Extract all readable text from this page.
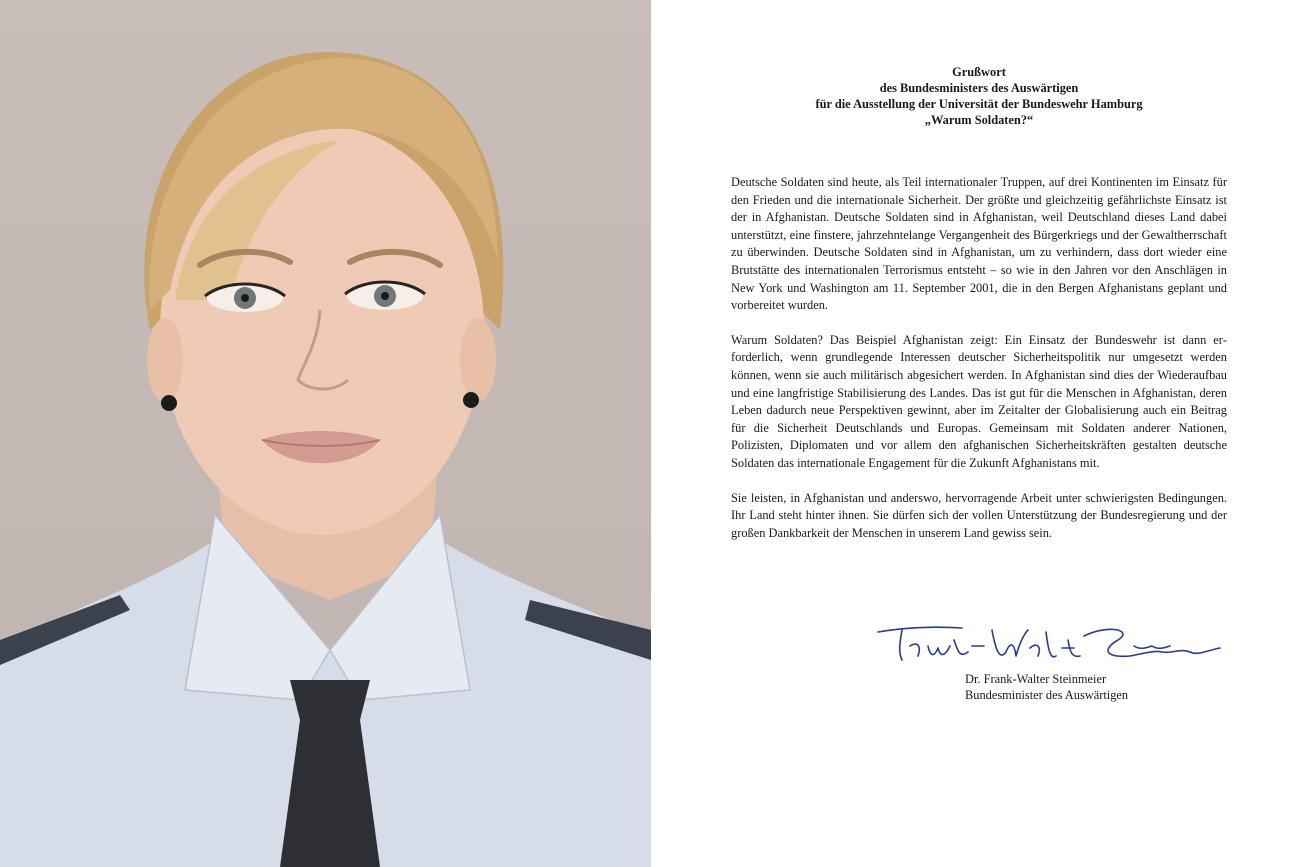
Grußwort
des Bundesministers des Auswärtigen
für die Ausstellung der Universität der Bundeswehr Hamburg
„Warum Soldaten?“

Deutsche Soldaten sind heute, als Teil internationaler Truppen, auf drei Kontinenten im Einsatz für den Frieden und die internationale Sicherheit. Der größte und gleichzeitig gefährlichste Einsatz ist der in Afghanistan. Deutsche Soldaten sind in Afghanistan, weil Deutschland dieses Land dabei unterstützt, eine finstere, jahrzehntelange Vergangenheit des Bürgerkriegs und der Gewaltherrschaft zu überwinden. Deutsche Soldaten sind in Afghanistan, um zu verhindern, dass dort wieder eine Brutstätte des internationalen Terrorismus entsteht – so wie in den Jahren vor den Anschlägen in New York und Washington am 11. September 2001, die in den Bergen Afghanistans geplant und vorbereitet wurden.

Warum Soldaten? Das Beispiel Afghanistan zeigt: Ein Einsatz der Bundeswehr ist dann erforderlich, wenn grundlegende Interessen deutscher Sicherheitspolitik nur umgesetzt werden können, wenn sie auch militärisch abgesichert werden. In Afghanistan sind dies der Wiederaufbau und eine langfristige Stabilisierung des Landes. Das ist gut für die Menschen in Afghanistan, deren Leben dadurch neue Perspektiven gewinnt, aber im Zeitalter der Globalisierung auch ein Beitrag für die Sicherheit Deutschlands und Europas. Gemeinsam mit Soldaten anderer Nationen, Polizisten, Diplomaten und vor allem den afghanischen Sicherheitskräften gestalten deutsche Soldaten das internationale Engagement für die Zukunft Afghanistans mit.

Sie leisten, in Afghanistan und anderswo, hervorragende Arbeit unter schwierigsten Bedingungen. Ihr Land steht hinter ihnen. Sie dürfen sich der vollen Unterstützung der Bundesregierung und der großen Dankbarkeit der Menschen in unserem Land gewiss sein.

Dr. Frank-Walter Steinmeier
Bundesminister des Auswärtigen
